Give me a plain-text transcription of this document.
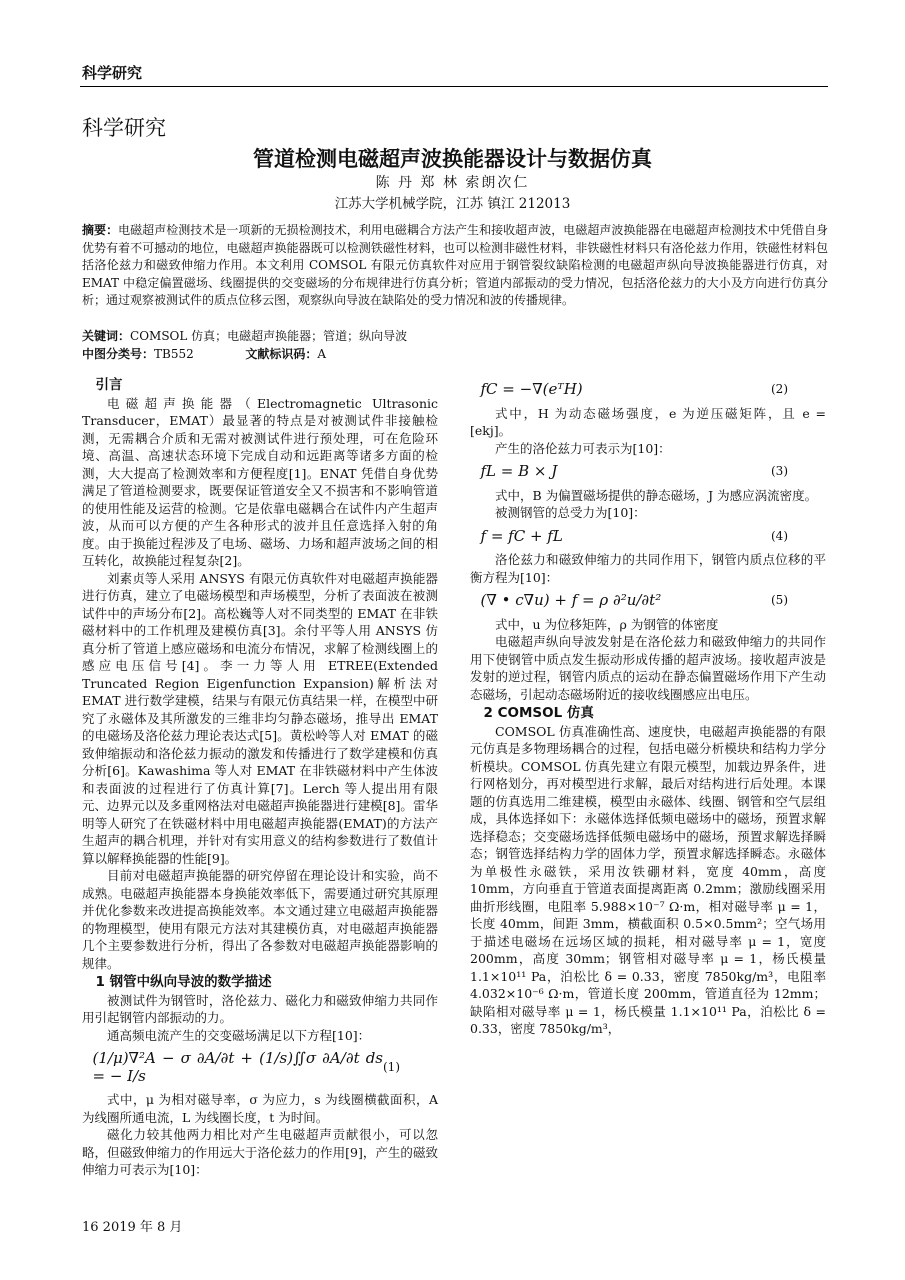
科学研究
科学研究
管道检测电磁超声波换能器设计与数据仿真
陈 丹 郑 林 索朗次仁
江苏大学机械学院，江苏 镇江 212013
摘要：电磁超声检测技术是一项新的无损检测技术，利用电磁耦合方法产生和接收超声波，电磁超声波换能器在电磁超声检测技术中凭借自身优势有着不可撼动的地位，电磁超声换能器既可以检测铁磁性材料，也可以检测非磁性材料，非铁磁性材料只有洛伦兹力作用，铁磁性材料包括洛伦兹力和磁致伸缩力作用。本文利用 COMSOL 有限元仿真软件对应用于钢管裂纹缺陷检测的电磁超声纵向导波换能器进行仿真，对 EMAT 中稳定偏置磁场、线圈提供的交变磁场的分布规律进行仿真分析；管道内部振动的受力情况，包括洛伦兹力的大小及方向进行仿真分析；通过观察被测试件的质点位移云图，观察纵向导波在缺陷处的受力情况和波的传播规律。
关键词：COMSOL 仿真；电磁超声换能器；管道；纵向导波
中图分类号：TB552	文献标识码：A
引言

电磁超声换能器（Electromagnetic Ultrasonic Transducer，EMAT）最显著的特点是对被测试件非接触检测，无需耦合介质和无需对被测试件进行预处理，可在危险环境、高温、高速状态环境下完成自动和远距离等诸多方面的检测，大大提高了检测效率和方便程度[1]。ENAT 凭借自身优势满足了管道检测要求，既要保证管道安全又不损害和不影响管道的使用性能及运营的检测。它是依靠电磁耦合在试件内产生超声波，从而可以方便的产生各种形式的波并且任意选择入射的角度。由于换能过程涉及了电场、磁场、力场和超声波场之间的相互转化，故换能过程复杂[2]。

刘素贞等人采用 ANSYS 有限元仿真软件对电磁超声换能器进行仿真，建立了电磁场模型和声场模型，分析了表面波在被测试件中的声场分布[2]。高松巍等人对不同类型的 EMAT 在非铁磁材料中的工作机理及建模仿真[3]。余付平等人用 ANSYS 仿真分析了管道上感应磁场和电流分布情况，求解了检测线圈上的感应电压信号[4]。李一力等人用 ETREE(Extended Truncated Region Eigenfunction Expansion)解析法对 EMAT 进行数学建模，结果与有限元仿真结果一样，在模型中研究了永磁体及其所激发的三维非均匀静态磁场，推导出 EMAT 的电磁场及洛伦兹力理论表达式[5]。黄松岭等人对 EMAT 的磁致伸缩振动和洛伦兹力振动的激发和传播进行了数学建模和仿真分析[6]。Kawashima 等人对 EMAT 在非铁磁材料中产生体波和表面波的过程进行了仿真计算[7]。Lerch 等人提出用有限元、边界元以及多重网格法对电磁超声换能器进行建模[8]。雷华明等人研究了在铁磁材料中用电磁超声换能器(EMAT)的方法产生超声的耦合机理，并针对有实用意义的结构参数进行了数值计算以解释换能器的性能[9]。

目前对电磁超声换能器的研究停留在理论设计和实验，尚不成熟。电磁超声换能器本身换能效率低下，需要通过研究其原理并优化参数来改进提高换能效率。本文通过建立电磁超声换能器的物理模型，使用有限元方法对其建模仿真，对电磁超声换能器几个主要参数进行分析，得出了各参数对电磁超声换能器影响的规律。

1 钢管中纵向导波的数学描述

被测试件为钢管时，洛伦兹力、磁化力和磁致伸缩力共同作用引起钢管内部振动的力。

通高频电流产生的交变磁场满足以下方程[10]：

(1/μ)∇²A − σ ∂A/∂t + (1/s)∬σ ∂A/∂t ds = − I/s	(1)

式中，μ 为相对磁导率，σ 为应力，s 为线圈横截面积，A 为线圈所通电流，L 为线圈长度，t 为时间。

磁化力较其他两力相比对产生电磁超声贡献很小，可以忽略，但磁致伸缩力的作用远大于洛伦兹力的作用[9]，产生的磁致伸缩力可表示为[10]：

fC = −∇(eᵀH)	(2)

式中，H 为动态磁场强度，e 为逆压磁矩阵，且 e = [ekj]。

产生的洛伦兹力可表示为[10]：

fL = B × J	(3)

式中，B 为偏置磁场提供的静态磁场，J 为感应涡流密度。

被测钢管的总受力为[10]：

f = fC + fL	(4)

洛伦兹力和磁致伸缩力的共同作用下，钢管内质点位移的平衡方程为[10]：

(∇ • c∇u) + f = ρ ∂²u/∂t²	(5)

式中，u 为位移矩阵，ρ 为钢管的体密度

电磁超声纵向导波发射是在洛伦兹力和磁致伸缩力的共同作用下使钢管中质点发生振动形成传播的超声波场。接收超声波是发射的逆过程，钢管内质点的运动在静态偏置磁场作用下产生动态磁场，引起动态磁场附近的接收线圈感应出电压。

2 COMSOL 仿真

COMSOL 仿真准确性高、速度快，电磁超声换能器的有限元仿真是多物理场耦合的过程，包括电磁分析模块和结构力学分析模块。COMSOL 仿真先建立有限元模型，加载边界条件，进行网格划分，再对模型进行求解，最后对结构进行后处理。本课题的仿真选用二维建模，模型由永磁体、线圈、钢管和空气层组成，具体选择如下：永磁体选择低频电磁场中的磁场，预置求解选择稳态；交变磁场选择低频电磁场中的磁场，预置求解选择瞬态；钢管选择结构力学的固体力学，预置求解选择瞬态。永磁体为单极性永磁铁，采用汝铁硼材料，宽度 40mm，高度 10mm，方向垂直于管道表面提离距离 0.2mm；激励线圈采用曲折形线圈，电阻率 5.988×10⁻⁷ Ω·m，相对磁导率 μ = 1，长度 40mm，间距 3mm，横截面积 0.5×0.5mm²；空气场用于描述电磁场在远场区域的损耗，相对磁导率 μ = 1，宽度 200mm，高度 30mm；钢管相对磁导率 μ = 1，杨氏模量 1.1×10¹¹ Pa，泊松比 δ = 0.33，密度 7850kg/m³，电阻率 4.032×10⁻⁶ Ω·m，管道长度 200mm，管道直径为 12mm；缺陷相对磁导率 μ = 1，杨氏模量 1.1×10¹¹ Pa，泊松比 δ = 0.33，密度 7850kg/m³，

16 2019 年 8 月
